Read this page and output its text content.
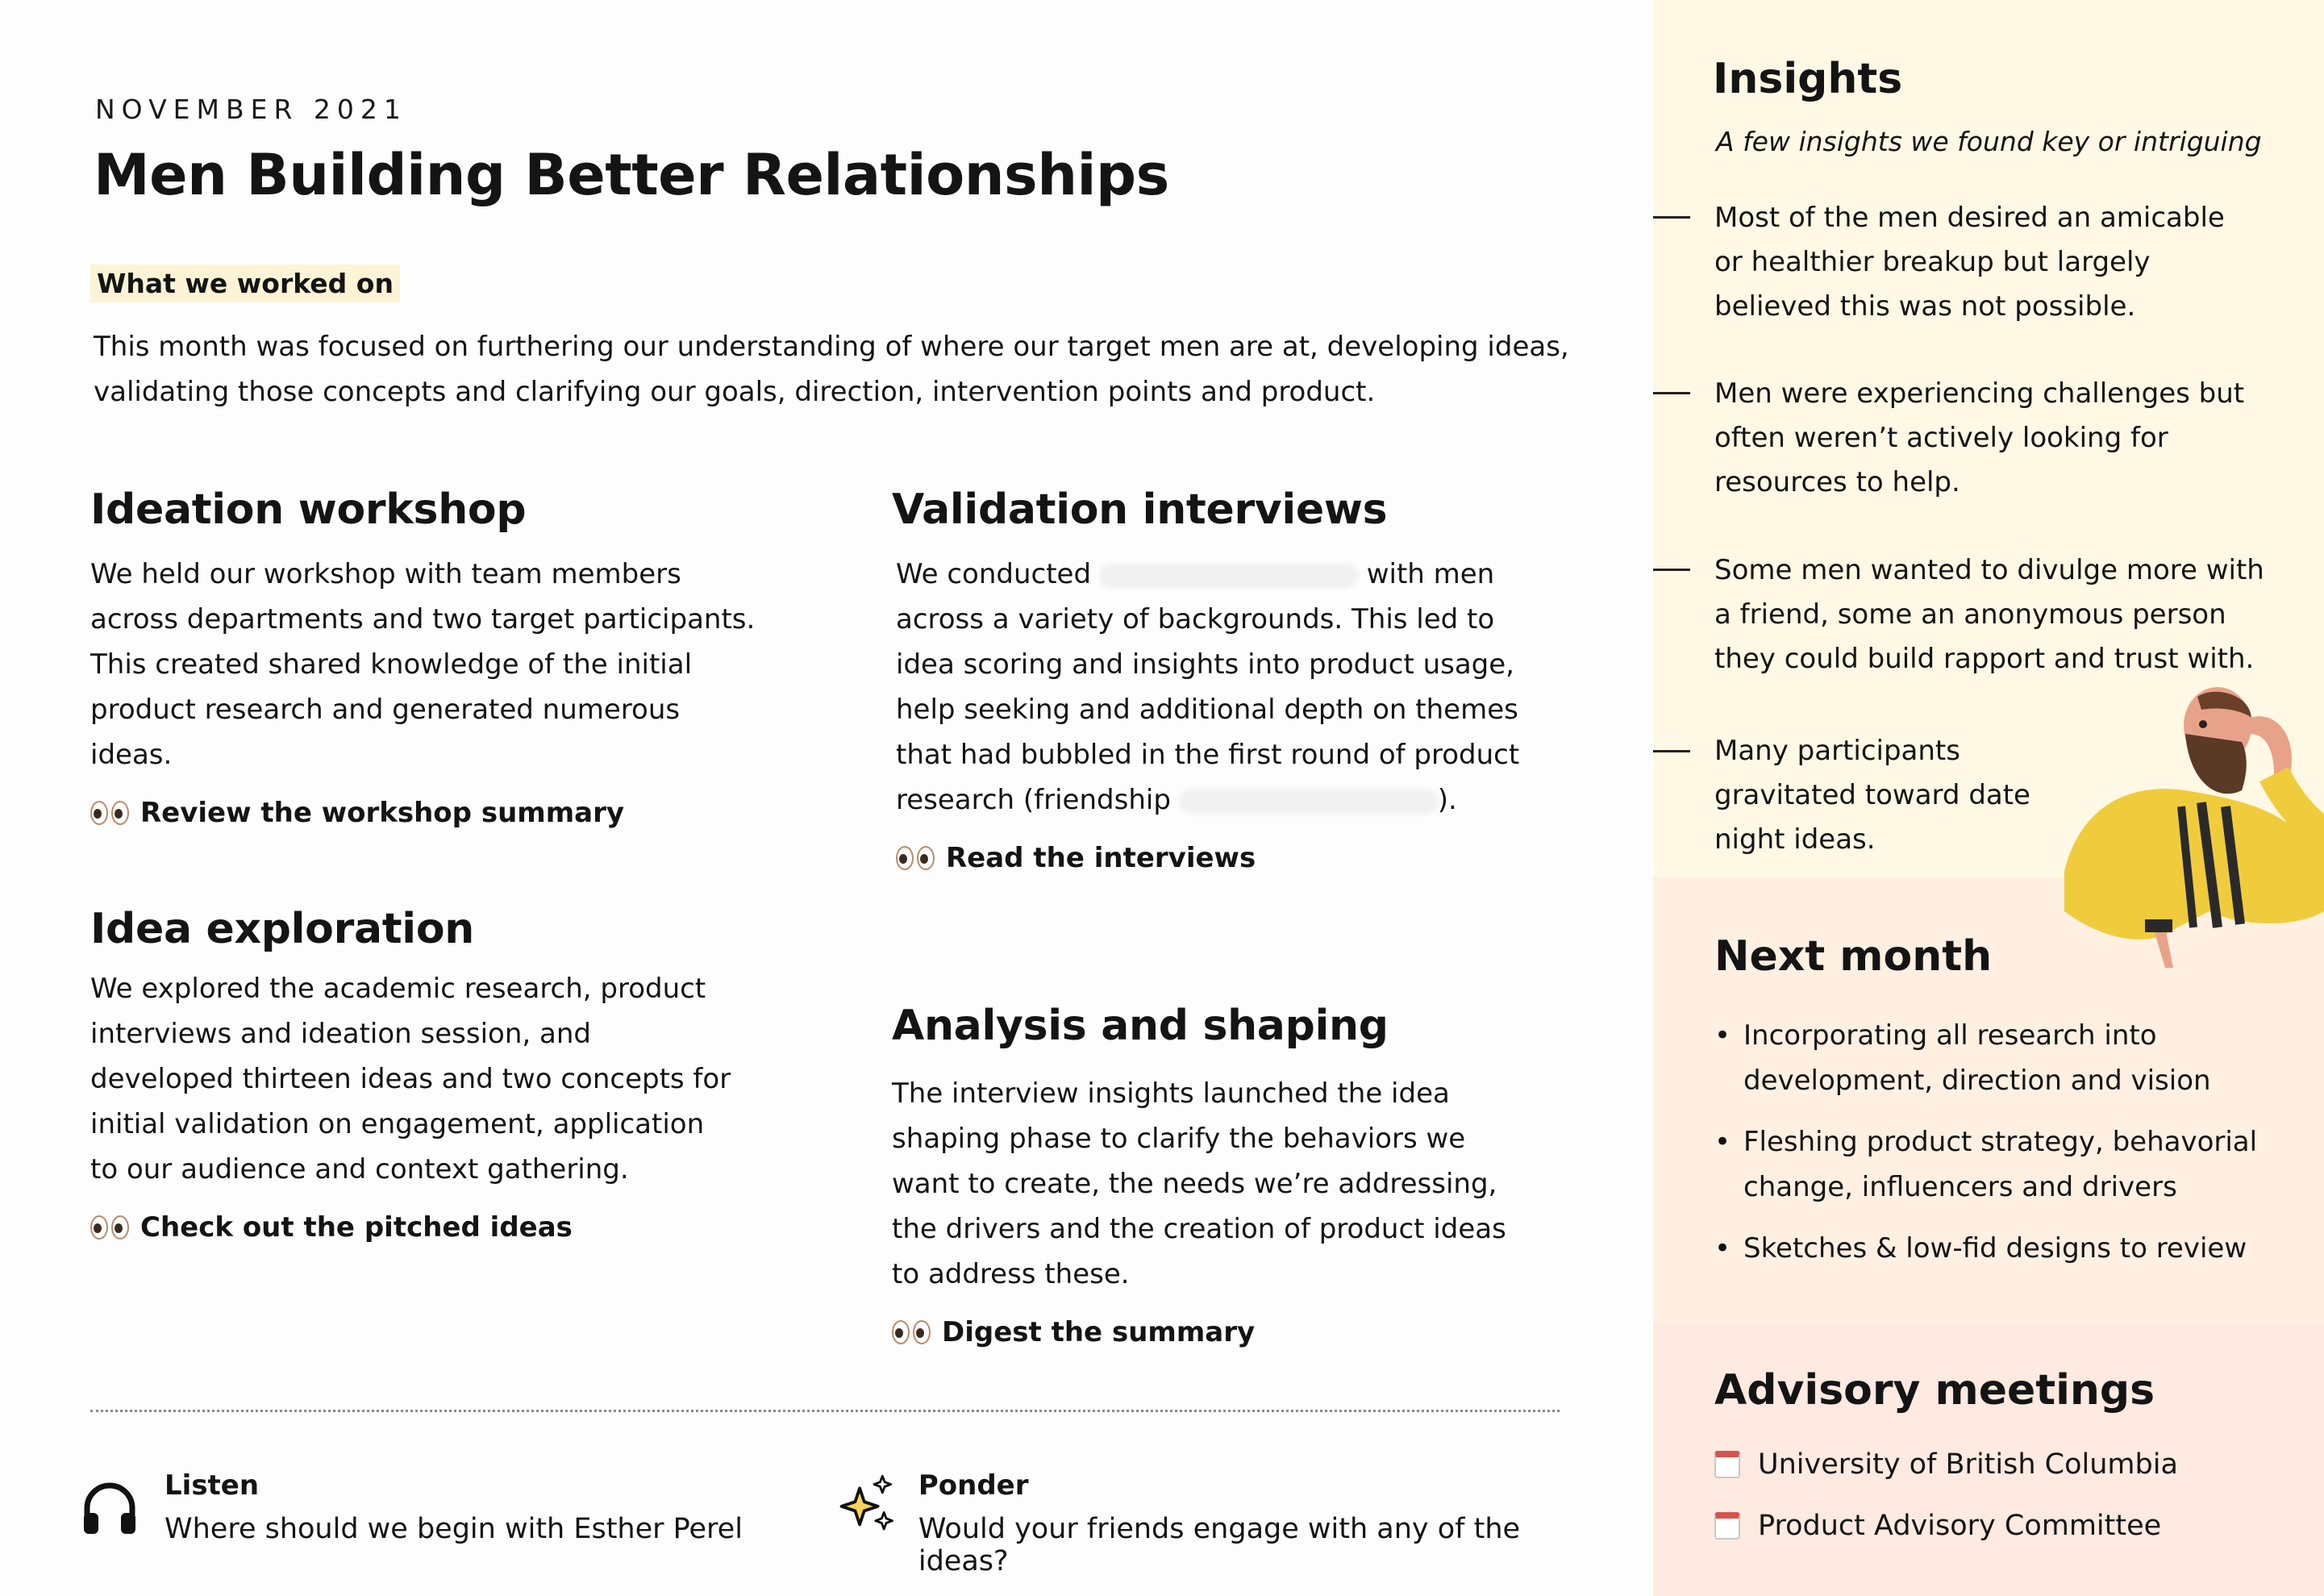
NOVEMBER 2021
Men Building Better Relationships
What we worked on

This month was focused on furthering our understanding of where our target men are at, developing ideas, validating those concepts and clarifying our goals, direction, intervention points and product.

Ideation workshop

We held our workshop with team members across departments and two target participants. This created shared knowledge of the initial product research and generated numerous ideas.

Review the workshop summary
Validation interviews

We conducted	with men across a variety of backgrounds. This led to idea scoring and insights into product usage, help seeking and additional depth on themes that had bubbled in the first round of product research (friendship	).

Read the interviews
Idea exploration

We explored the academic research, product interviews and ideation session, and developed thirteen ideas and two concepts for initial validation on engagement, application to our audience and context gathering.

Check out the pitched ideas
Analysis and shaping

The interview insights launched the idea shaping phase to clarify the behaviors we want to create, the needs we’re addressing, the drivers and the creation of product ideas to address these.

Digest the summary
Listen
Where should we begin with Esther Perel
Ponder
Would your friends engage with any of the ideas?
Insights
A few insights we found key or intriguing
Most of the men desired an amicable or healthier breakup but largely believed this was not possible.
Men were experiencing challenges but often weren’t actively looking for resources to help.
Some men wanted to divulge more with a friend, some an anonymous person they could build rapport and trust with.
Many participants gravitated toward date night ideas.
Next month
• Incorporating all research into development, direction and vision
• Fleshing product strategy, behavorial change, influencers and drivers
• Sketches & low-fid designs to review
Advisory meetings
University of British Columbia
Product Advisory Committee
